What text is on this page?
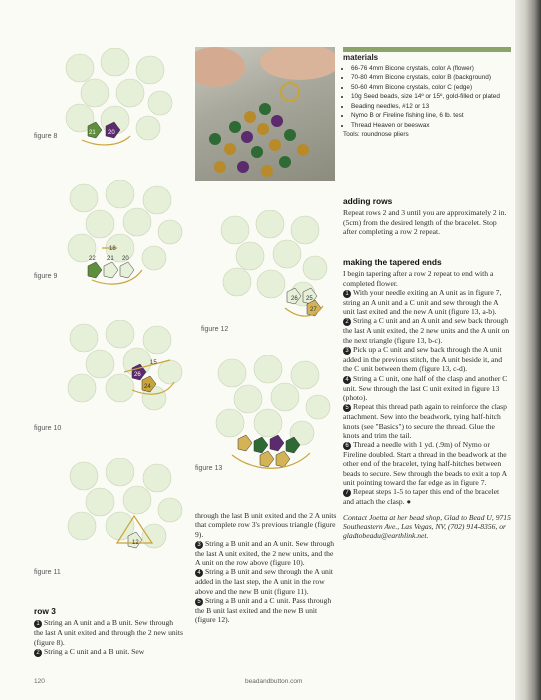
21 20
figure 8
materials
• 66-76 4mm Bicone crystals, color A (flower)
• 70-80 4mm Bicone crystals, color B (background)
• 50-60 4mm Bicone crystals, color C (edge)
• 10g Seed beads, size 14º or 15º, gold-filled or plated
• Beading needles, #12 or 13
• Nymo B or Fireline fishing line, 6 lb. test
• Thread Heaven or beeswax
Tools: roundnose pliers
18
22 21 20
figure 9
26 25
27
figure 12
adding rows

Repeat rows 2 and 3 until you are approximately 2 in. (5cm) from the desired length of the bracelet. Stop after completing a row 2 repeat.

making the tapered ends

I begin tapering after a row 2 repeat to end with a completed flower.

1 With your needle exiting an A unit as in figure 7, string an A unit and a C unit and sew through the A unit last exited and the new A unit (figure 13, a-b).

2 String a C unit and an A unit and sew back through the last A unit exited, the 2 new units and the A unit on the next triangle (figure 13, b-c).

3 Pick up a C unit and sew back through the A unit added in the previous stitch, the A unit beside it, and the C unit between them (figure 13, c-d).

4 String a C unit, one half of the clasp and another C unit. Sew through the last C unit exited in figure 13 (photo).

5 Repeat this thread path again to reinforce the clasp attachment. Sew into the beadwork, tying half-hitch knots (see "Basics") to secure the thread. Glue the knots and trim the tail.

6 Thread a needle with 1 yd. (.9m) of Nymo or Fireline doubled. Start a thread in the beadwork at the other end of the bracelet, tying half-hitches between beads to secure. Sew through the beads to exit a top A unit pointing toward the far edge as in figure 7.

7 Repeat steps 1-5 to taper this end of the bracelet and attach the clasp. ●

Contact Joetta at her bead shop, Glad to Bead U, 9715 Southeastern Ave., Las Vegas, NV, (702) 914-8356, or gladtobeadu@earthlink.net.

15
26
24
figure 10
figure 13
12
figure 11
row 3

1 String an A unit and a B unit. Sew through the last A unit exited and through the 2 new units (figure 8).

2 String a C unit and a B unit. Sew

through the last B unit exited and the 2 A units that complete row 3's previous triangle (figure 9).

3 String a B unit and an A unit. Sew through the last A unit exited, the 2 new units, and the A unit on the row above (figure 10).

4 String a B unit and sew through the A unit added in the last step, the A unit in the row above and the new B unit (figure 11).

5 String a B unit and a C unit. Pass through the B unit last exited and the new B unit (figure 12).

120	beadandbutton.com
